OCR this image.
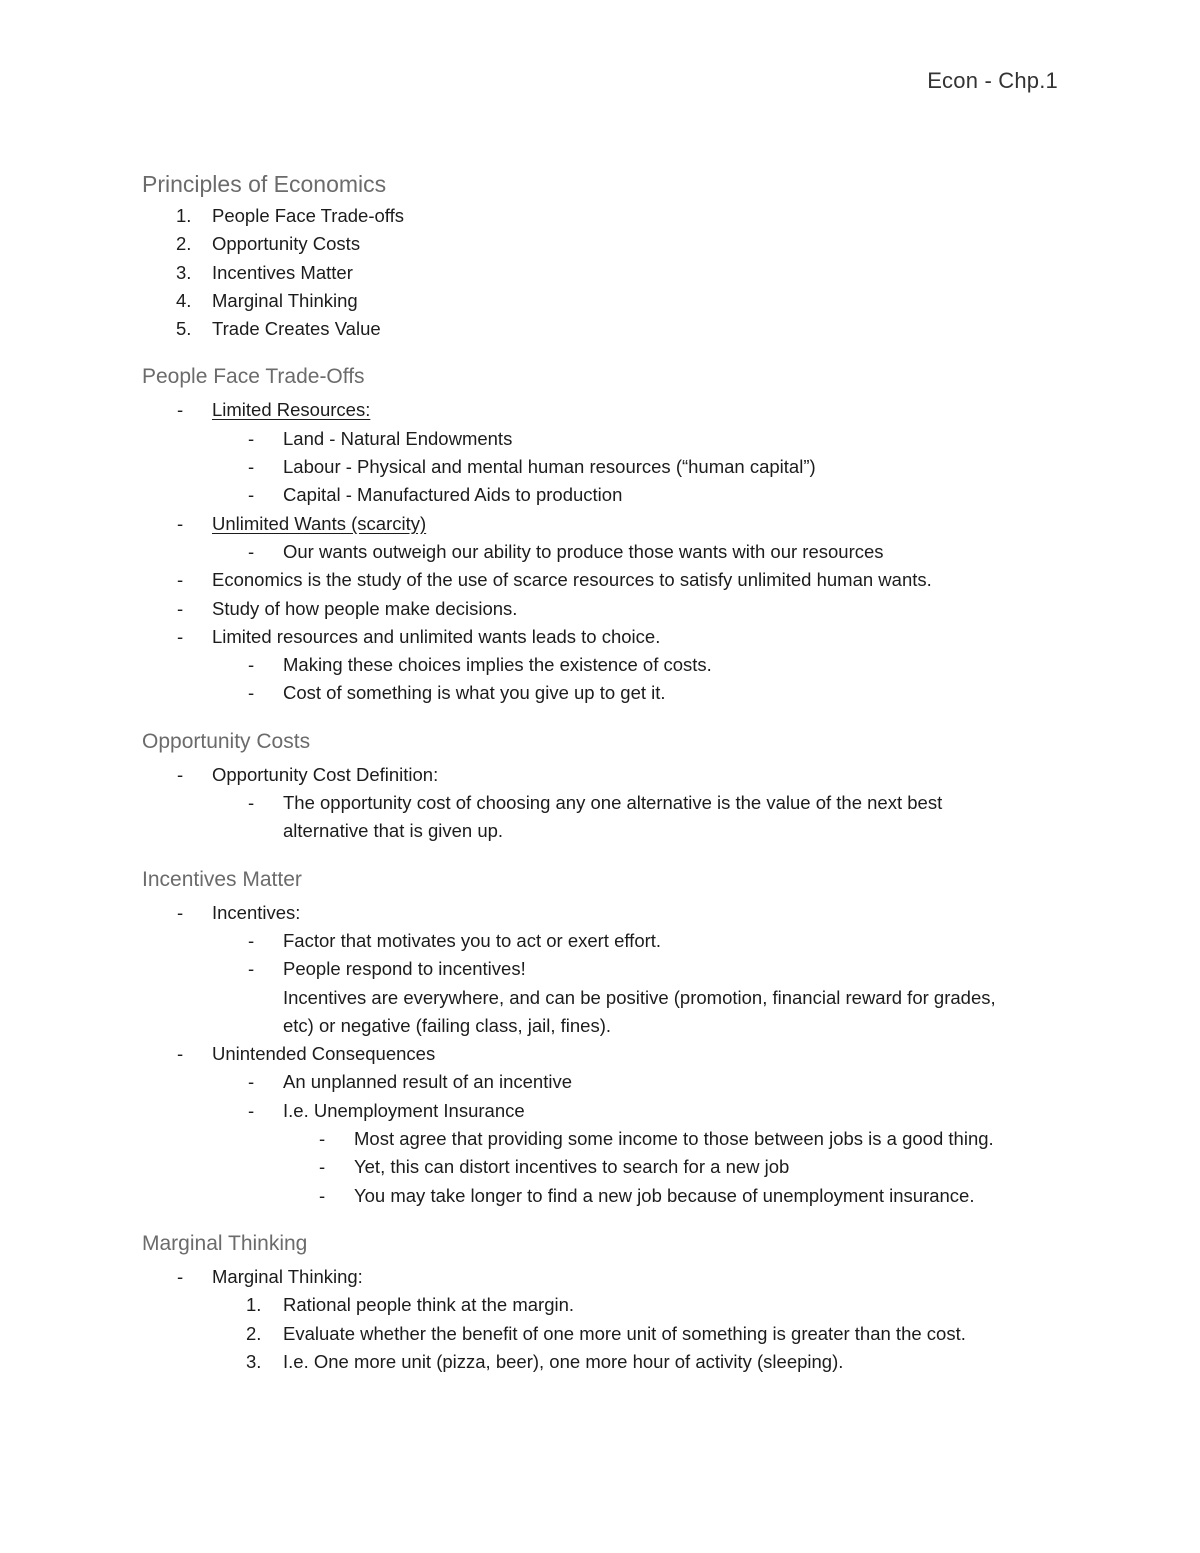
Econ - Chp.1
Principles of Economics
1. People Face Trade-offs
2. Opportunity Costs
3. Incentives Matter
4. Marginal Thinking
5. Trade Creates Value
People Face Trade-Offs
- Limited Resources:
- Land - Natural Endowments
- Labour - Physical and mental human resources (“human capital”)
- Capital - Manufactured Aids to production
- Unlimited Wants (scarcity)
- Our wants outweigh our ability to produce those wants with our resources
- Economics is the study of the use of scarce resources to satisfy unlimited human wants.
- Study of how people make decisions.
- Limited resources and unlimited wants leads to choice.
- Making these choices implies the existence of costs.
- Cost of something is what you give up to get it.
Opportunity Costs
- Opportunity Cost Definition:
- The opportunity cost of choosing any one alternative is the value of the next best
alternative that is given up.
Incentives Matter
- Incentives:
- Factor that motivates you to act or exert effort.
- People respond to incentives!
Incentives are everywhere, and can be positive (promotion, financial reward for grades,
etc) or negative (failing class, jail, fines).
- Unintended Consequences
- An unplanned result of an incentive
- I.e. Unemployment Insurance
- Most agree that providing some income to those between jobs is a good thing.
- Yet, this can distort incentives to search for a new job
- You may take longer to find a new job because of unemployment insurance.
Marginal Thinking
- Marginal Thinking:
1. Rational people think at the margin.
2. Evaluate whether the benefit of one more unit of something is greater than the cost.
3. I.e. One more unit (pizza, beer), one more hour of activity (sleeping).
